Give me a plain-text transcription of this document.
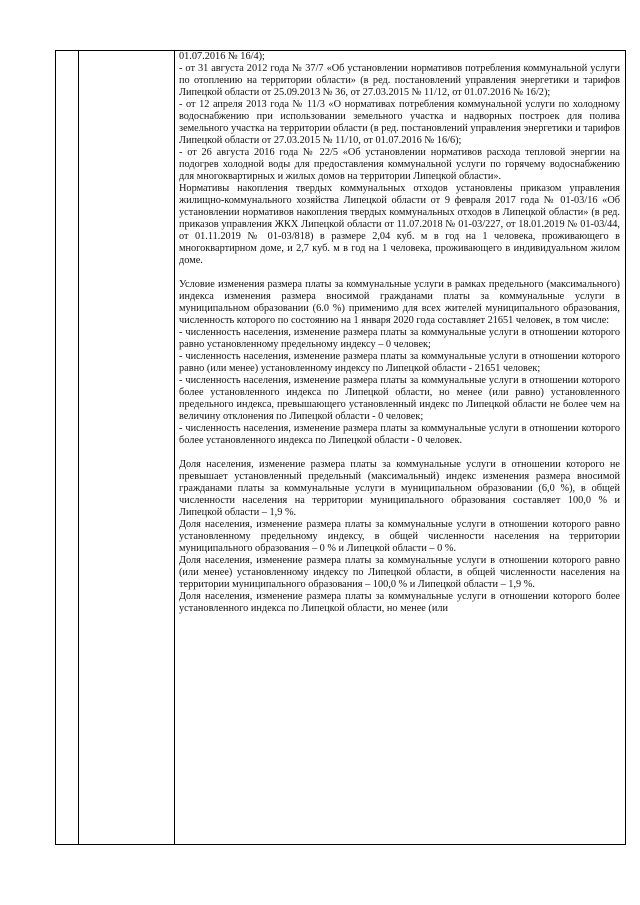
01.07.2016 № 16/4);

- от 31 августа 2012 года № 37/7 «Об установлении нормативов потребления коммунальной услуги по отоплению на территории области» (в ред. постановлений управления энергетики и тарифов Липецкой области от 25.09.2013 № 36, от 27.03.2015 № 11/12, от 01.07.2016 № 16/2);

- от 12 апреля 2013 года № 11/3 «О нормативах потребления коммунальной услуги по холодному водоснабжению при использовании земельного участка и надворных построек для полива земельного участка на территории области (в ред. постановлений управления энергетики и тарифов Липецкой области от 27.03.2015 № 11/10, от 01.07.2016 № 16/6);

- от 26 августа 2016 года № 22/5 «Об установлении нормативов расхода тепловой энергии на подогрев холодной воды для предоставления коммунальной услуги по горячему водоснабжению для многоквартирных и жилых домов на территории Липецкой области».

Нормативы накопления твердых коммунальных отходов установлены приказом управления жилищно-коммунального хозяйства Липецкой области от 9 февраля 2017 года № 01-03/16 «Об установлении нормативов накопления твердых коммунальных отходов в Липецкой области» (в ред. приказов управления ЖКХ Липецкой области от 11.07.2018 № 01-03/227, от 18.01.2019 № 01-03/44, от 01.11.2019 № 01-03/818) в размере 2,04 куб. м в год на 1 человека, проживающего в многоквартирном доме, и 2,7 куб. м в год на 1 человека, проживающего в индивидуальном жилом доме.

Условие изменения размера платы за коммунальные услуги в рамках предельного (максимального) индекса изменения размера вносимой гражданами платы за коммунальные услуги в муниципальном образовании (6.0 %) применимо для всех жителей муниципального образования, численность которого по состоянию на 1 января 2020 года составляет 21651 человек, в том числе:

- численность населения, изменение размера платы за коммунальные услуги в отношении которого равно установленному предельному индексу – 0 человек;

- численность населения, изменение размера платы за коммунальные услуги в отношении которого равно (или менее) установленному индексу по Липецкой области - 21651 человек;

- численность населения, изменение размера платы за коммунальные услуги в отношении которого более установленного индекса по Липецкой области, но менее (или равно) установленного предельного индекса, превышающего установленный индекс по Липецкой области не более чем на величину отклонения по Липецкой области - 0 человек;

- численность населения, изменение размера платы за коммунальные услуги в отношении которого более установленного индекса по Липецкой области - 0 человек.

Доля населения, изменение размера платы за коммунальные услуги в отношении которого не превышает установленный предельный (максимальный) индекс изменения размера вносимой гражданами платы за коммунальные услуги в муниципальном образовании (6,0 %), в общей численности населения на территории муниципального образования составляет 100,0 % и Липецкой области – 1,9 %.

Доля населения, изменение размера платы за коммунальные услуги в отношении которого равно установленному предельному индексу, в общей численности населения на территории муниципального образования – 0 % и Липецкой области – 0 %.

Доля населения, изменение размера платы за коммунальные услуги в отношении которого равно (или менее) установленному индексу по Липецкой области, в общей численности населения на территории муниципального образования – 100,0 % и Липецкой области – 1,9 %.

Доля населения, изменение размера платы за коммунальные услуги в отношении которого более установленного индекса по Липецкой области, но менее (или
